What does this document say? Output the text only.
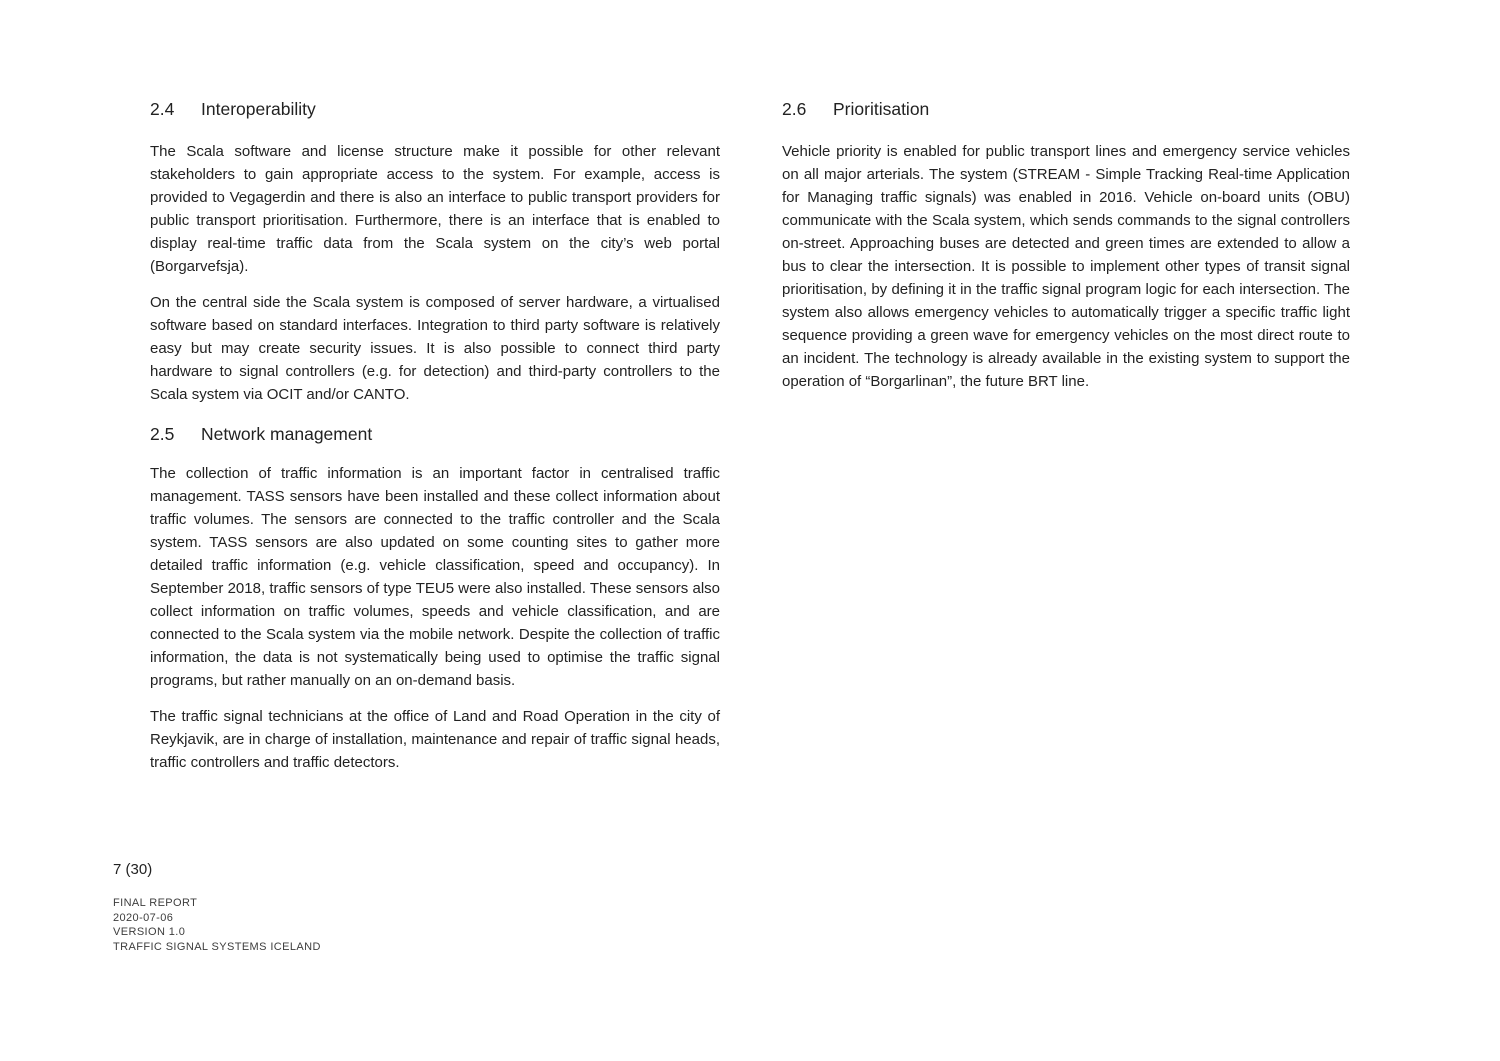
2.4	Interoperability

The Scala software and license structure make it possible for other relevant stakeholders to gain appropriate access to the system. For example, access is provided to Vegagerdin and there is also an interface to public transport providers for public transport prioritisation. Furthermore, there is an interface that is enabled to display real-time traffic data from the Scala system on the city’s web portal (Borgarvefsja).

On the central side the Scala system is composed of server hardware, a virtualised software based on standard interfaces. Integration to third party software is relatively easy but may create security issues. It is also possible to connect third party hardware to signal controllers (e.g. for detection) and third-party controllers to the Scala system via OCIT and/or CANTO.

2.5	Network management

The collection of traffic information is an important factor in centralised traffic management. TASS sensors have been installed and these collect information about traffic volumes. The sensors are connected to the traffic controller and the Scala system. TASS sensors are also updated on some counting sites to gather more detailed traffic information (e.g. vehicle classification, speed and occupancy). In September 2018, traffic sensors of type TEU5 were also installed. These sensors also collect information on traffic volumes, speeds and vehicle classification, and are connected to the Scala system via the mobile network. Despite the collection of traffic information, the data is not systematically being used to optimise the traffic signal programs, but rather manually on an on-demand basis.

The traffic signal technicians at the office of Land and Road Operation in the city of Reykjavik, are in charge of installation, maintenance and repair of traffic signal heads, traffic controllers and traffic detectors.

2.6	Prioritisation

Vehicle priority is enabled for public transport lines and emergency service vehicles on all major arterials. The system (STREAM - Simple Tracking Real-time Application for Managing traffic signals) was enabled in 2016. Vehicle on-board units (OBU) communicate with the Scala system, which sends commands to the signal controllers on-street. Approaching buses are detected and green times are extended to allow a bus to clear the intersection. It is possible to implement other types of transit signal prioritisation, by defining it in the traffic signal program logic for each intersection. The system also allows emergency vehicles to automatically trigger a specific traffic light sequence providing a green wave for emergency vehicles on the most direct route to an incident. The technology is already available in the existing system to support the operation of “Borgarlinan”, the future BRT line.

7 (30)
FINAL REPORT
2020-07-06
VERSION 1.0
TRAFFIC SIGNAL SYSTEMS ICELAND
